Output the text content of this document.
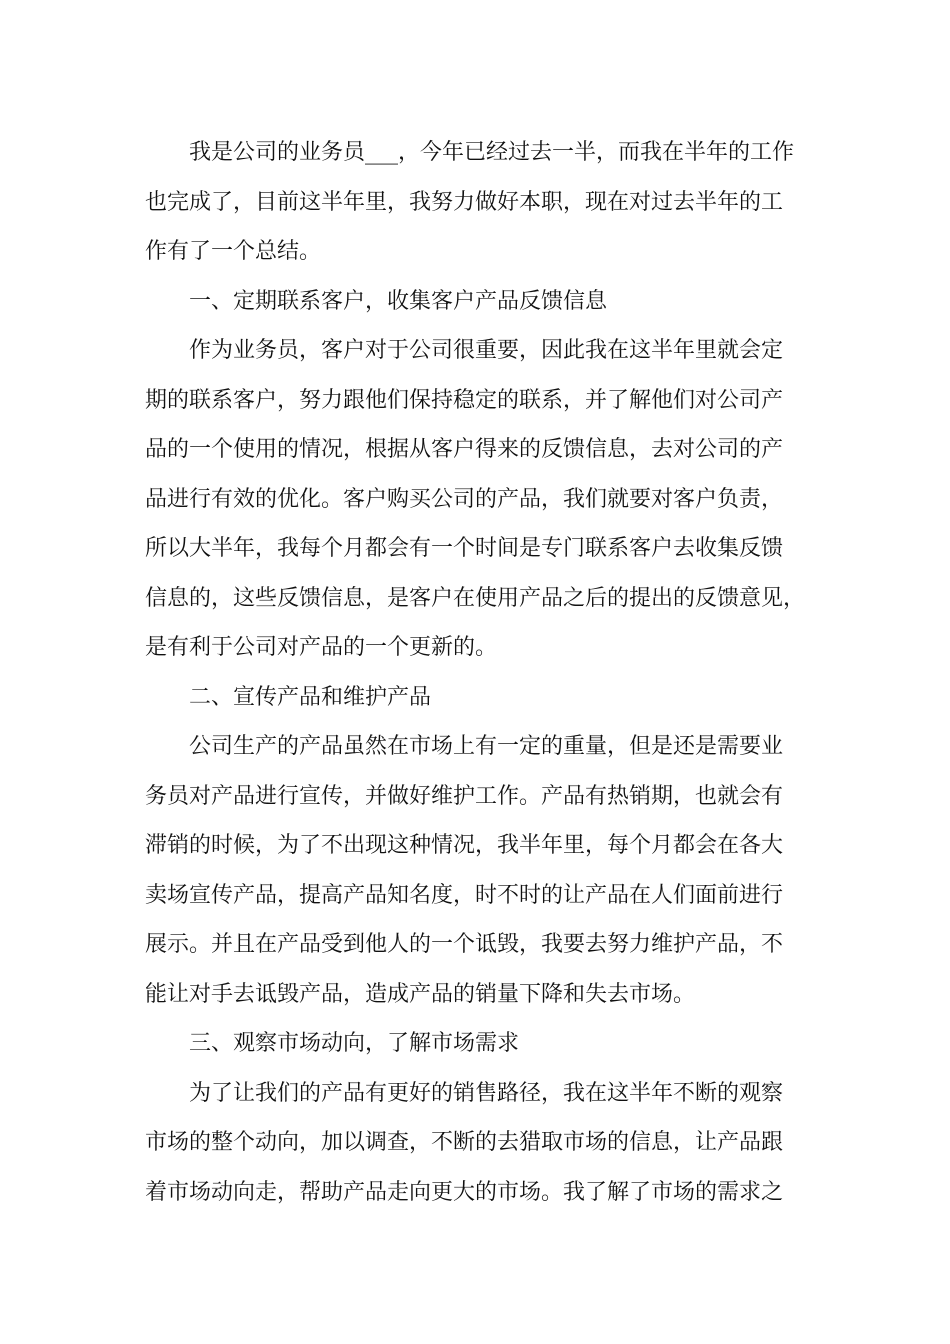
我是公司的业务员___，今年已经过去一半，而我在半年的工作
也完成了，目前这半年里，我努力做好本职，现在对过去半年的工
作有了一个总结。
一、定期联系客户，收集客户产品反馈信息
作为业务员，客户对于公司很重要，因此我在这半年里就会定
期的联系客户，努力跟他们保持稳定的联系，并了解他们对公司产
品的一个使用的情况，根据从客户得来的反馈信息，去对公司的产
品进行有效的优化。客户购买公司的产品，我们就要对客户负责，
所以大半年，我每个月都会有一个时间是专门联系客户去收集反馈
信息的，这些反馈信息，是客户在使用产品之后的提出的反馈意见，
是有利于公司对产品的一个更新的。
二、宣传产品和维护产品
公司生产的产品虽然在市场上有一定的重量，但是还是需要业
务员对产品进行宣传，并做好维护工作。产品有热销期，也就会有
滞销的时候，为了不出现这种情况，我半年里，每个月都会在各大
卖场宣传产品，提高产品知名度，时不时的让产品在人们面前进行
展示。并且在产品受到他人的一个诋毁，我要去努力维护产品，不
能让对手去诋毁产品，造成产品的销量下降和失去市场。
三、观察市场动向，了解市场需求
为了让我们的产品有更好的销售路径，我在这半年不断的观察
市场的整个动向，加以调查，不断的去猎取市场的信息，让产品跟
着市场动向走，帮助产品走向更大的市场。我了解了市场的需求之
